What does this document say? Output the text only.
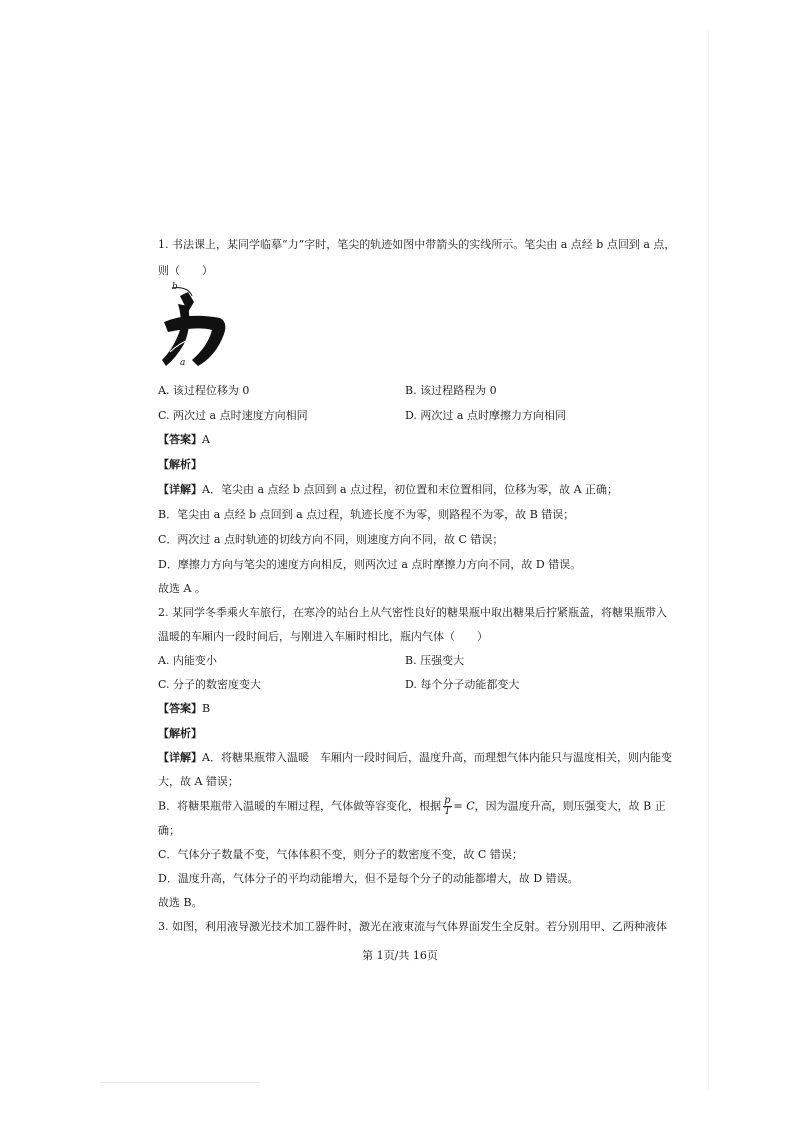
1. 书法课上，某同学临摹“力”字时，笔尖的轨迹如图中带箭头的实线所示。笔尖由 a 点经 b 点回到 a 点，
则（　　）
b
a
A. 该过程位移为 0	B. 该过程路程为 0
C. 两次过 a 点时速度方向相同	D. 两次过 a 点时摩擦力方向相同
【答案】A
【解析】
【详解】A．笔尖由 a 点经 b 点回到 a 点过程，初位置和末位置相同，位移为零，故 A 正确；
B．笔尖由 a 点经 b 点回到 a 点过程，轨迹长度不为零，则路程不为零，故 B 错误；
C．两次过 a 点时轨迹的切线方向不同，则速度方向不同，故 C 错误；
D．摩擦力方向与笔尖的速度方向相反，则两次过 a 点时摩擦力方向不同，故 D 错误。
故选 A 。
2. 某同学冬季乘火车旅行，在寒冷的站台上从气密性良好的糖果瓶中取出糖果后拧紧瓶盖，将糖果瓶带入
温暖的车厢内一段时间后，与刚进入车厢时相比，瓶内气体（　　）
A. 内能变小	B. 压强变大
C. 分子的数密度变大	D. 每个分子动能都变大
【答案】B
【解析】
【详解】A．将糖果瓶带入温暖　车厢内一段时间后，温度升高，而理想气体内能只与温度相关，则内能变
大，故 A 错误；
B．将糖果瓶带入温暖的车厢过程，气体做等容变化，根据 $\frac{p}{T} = C$，因为温度升高，则压强变大，故 B 正
确；
C．气体分子数量不变，气体体积不变，则分子的数密度不变，故 C 错误；
D．温度升高，气体分子的平均动能增大，但不是每个分子的动能都增大，故 D 错误。
故选 B。
3. 如图，利用液导激光技术加工器件时，激光在液束流与气体界面发生全反射。若分别用甲、乙两种液体
第 1页/共 16页
